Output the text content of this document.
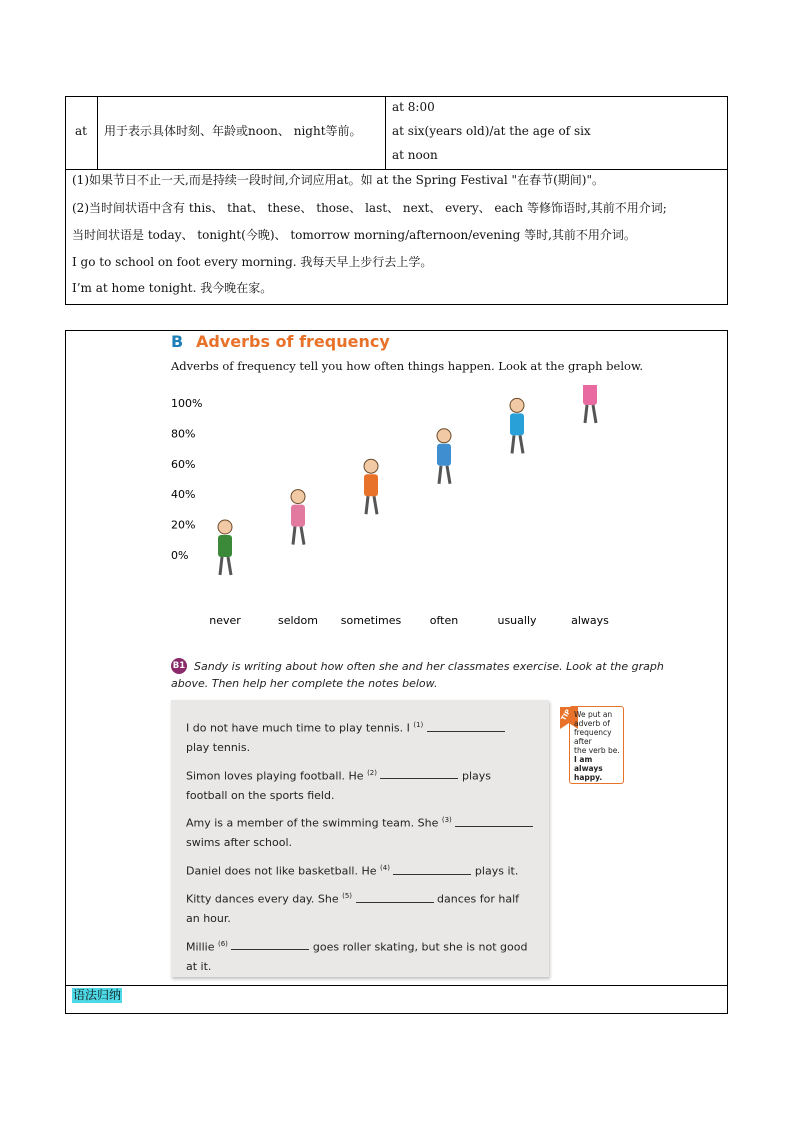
at 用于表示具体时刻、年龄或noon、 night等前。
at 8:00
at six(years old)/at the age of six
at noon
(1)如果节日不止一天,而是持续一段时间,介词应用at。如 at the Spring Festival "在春节(期间)"。
(2)当时间状语中含有 this、 that、 these、 those、 last、 next、 every、 each 等修饰语时,其前不用介词;
当时间状语是 today、 tonight(今晚)、 tomorrow morning/afternoon/evening 等时,其前不用介词。
I go to school on foot every morning. 我每天早上步行去上学。
I’m at home tonight. 我今晚在家。
B Adverbs of frequency
Adverbs of frequency tell you how often things happen. Look at the graph below.
100%
80%
60%
40%
20%
0%
never	seldom sometimes	often	usually	always
B1 Sandy is writing about how often she and her classmates exercise. Look at the graph
above. Then help her complete the notes below.
I do not have much time to play tennis. I $^{(1)}$
play tennis.
Simon loves playing football. He $^{(2)}$	plays
football on the sports field.
Amy is a member of the swimming team. She $^{(3)}$
swims after school.
Daniel does not like basketball. He $^{(4)}$	plays it.
Kitty dances every day. She $^{(5)}$	dances for half
an hour.
Millie $^{(6)}$	goes roller skating, but she is not good
at it.
TIP We put an
adverb of
frequency after
the verb be.
I am always
happy.
语法归纳
